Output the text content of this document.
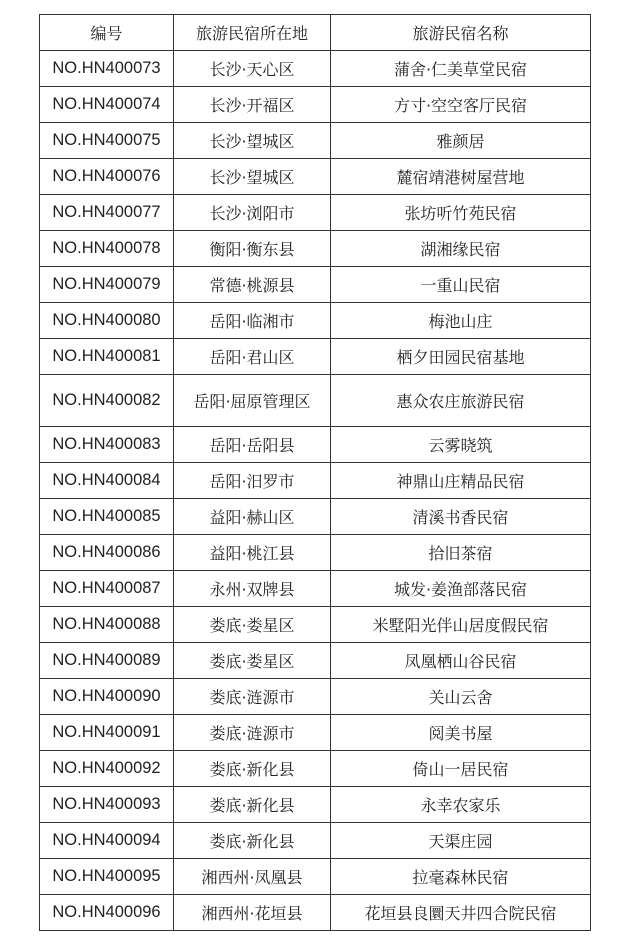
编号	旅游民宿所在地	旅游民宿名称
NO.HN400073	长沙·天心区	蒲舍·仁美草堂民宿
NO.HN400074	长沙·开福区	方寸·空空客厅民宿
NO.HN400075	长沙·望城区	雅颜居
NO.HN400076	长沙·望城区	麓宿靖港树屋营地
NO.HN400077	长沙·浏阳市	张坊听竹苑民宿
NO.HN400078	衡阳·衡东县	湖湘缘民宿
NO.HN400079	常德·桃源县	一重山民宿
NO.HN400080	岳阳·临湘市	梅池山庄
NO.HN400081	岳阳·君山区	栖夕田园民宿基地
NO.HN400082	岳阳·屈原管理区	惠众农庄旅游民宿
NO.HN400083	岳阳·岳阳县	云雾晓筑
NO.HN400084	岳阳·汨罗市	神鼎山庄精品民宿
NO.HN400085	益阳·赫山区	清溪书香民宿
NO.HN400086	益阳·桃江县	拾旧茶宿
NO.HN400087	永州·双牌县	城发·姜渔部落民宿
NO.HN400088	娄底·娄星区	米墅阳光伴山居度假民宿
NO.HN400089	娄底·娄星区	凤凰栖山谷民宿
NO.HN400090	娄底·涟源市	关山云舍
NO.HN400091	娄底·涟源市	阅美书屋
NO.HN400092	娄底·新化县	倚山一居民宿
NO.HN400093	娄底·新化县	永幸农家乐
NO.HN400094	娄底·新化县	天渠庄园
NO.HN400095	湘西州·凤凰县	拉毫森林民宿
NO.HN400096	湘西州·花垣县	花垣县良圜天井四合院民宿
